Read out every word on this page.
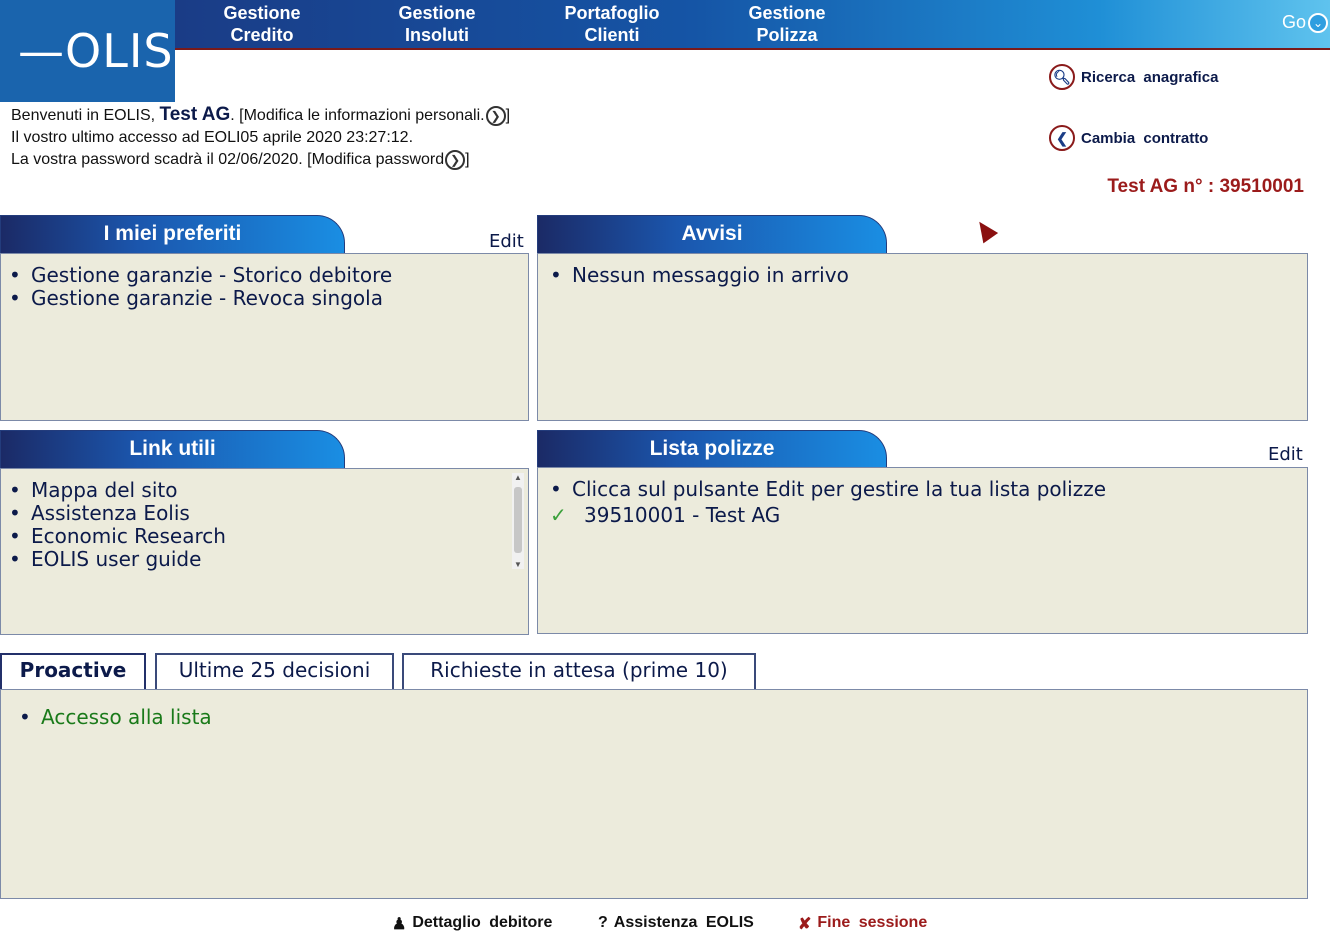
—OLIS
Gestione
Credito
Gestione
Insoluti
Portafoglio
Clienti
Gestione
Polizza
Go ⌄
🔍︎ Ricerca anagrafica
❮ Cambia contratto
Benvenuti in EOLIS, Test AG. [Modifica le informazioni personali. ❯ ]
Il vostro ultimo accesso ad EOLI05 aprile 2020 23:27:12.
La vostra password scadrà il 02/06/2020. [Modifica password ❯ ]
Test AG n° : 39510001
I miei preferiti	Edit
• Gestione garanzie - Storico debitore
• Gestione garanzie - Revoca singola
Avvisi
• Nessun messaggio in arrivo
Link utili
• Mappa del sito
• Assistenza Eolis
• Economic Research
• EOLIS user guide
▲
▼
Lista polizze	Edit
• Clicca sul pulsante Edit per gestire la tua lista polizze
✓ 39510001 - Test AG
Proactive	Ultime 25 decisioni	Richieste in attesa (prime 10)
• Accesso alla lista
♟ Dettaglio debitore	? Assistenza EOLIS	✘ Fine sessione
